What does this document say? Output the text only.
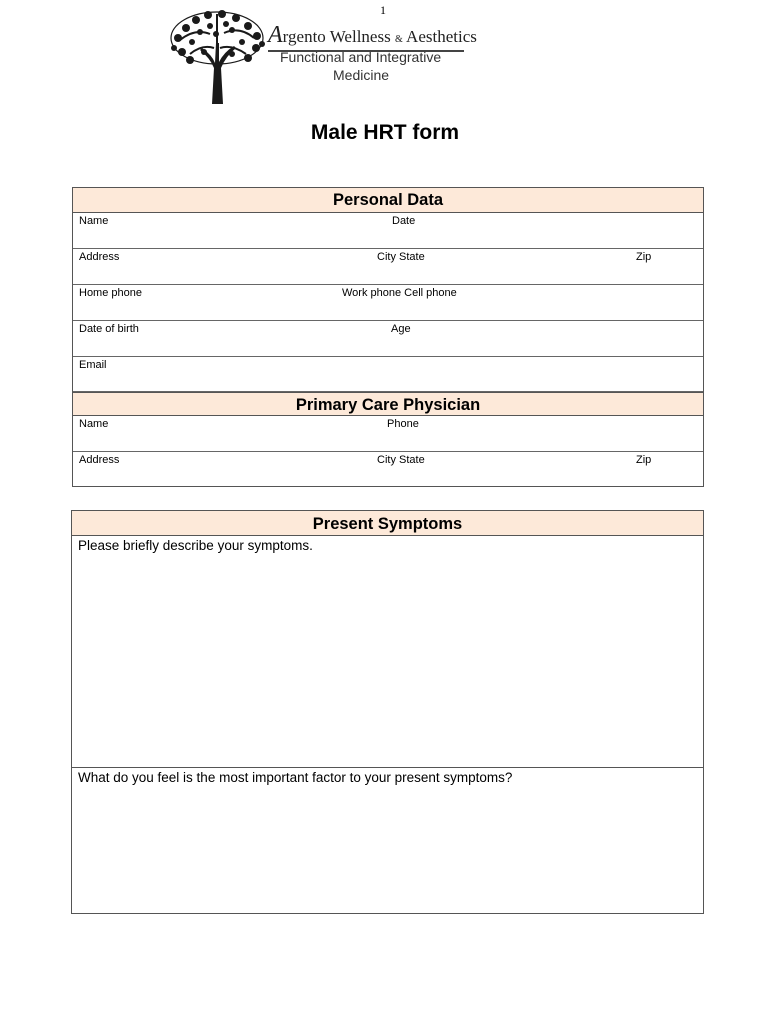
1
Argento Wellness & Aesthetics
Functional and Integrative
Medicine
Male HRT form
Personal Data
Name	Date
Address	City State	Zip
Home phone	Work phone Cell phone
Date of birth	Age
Email
Primary Care Physician
Name	Phone
Address	City State	Zip
Present Symptoms
Please briefly describe your symptoms.
What do you feel is the most important factor to your present symptoms?
